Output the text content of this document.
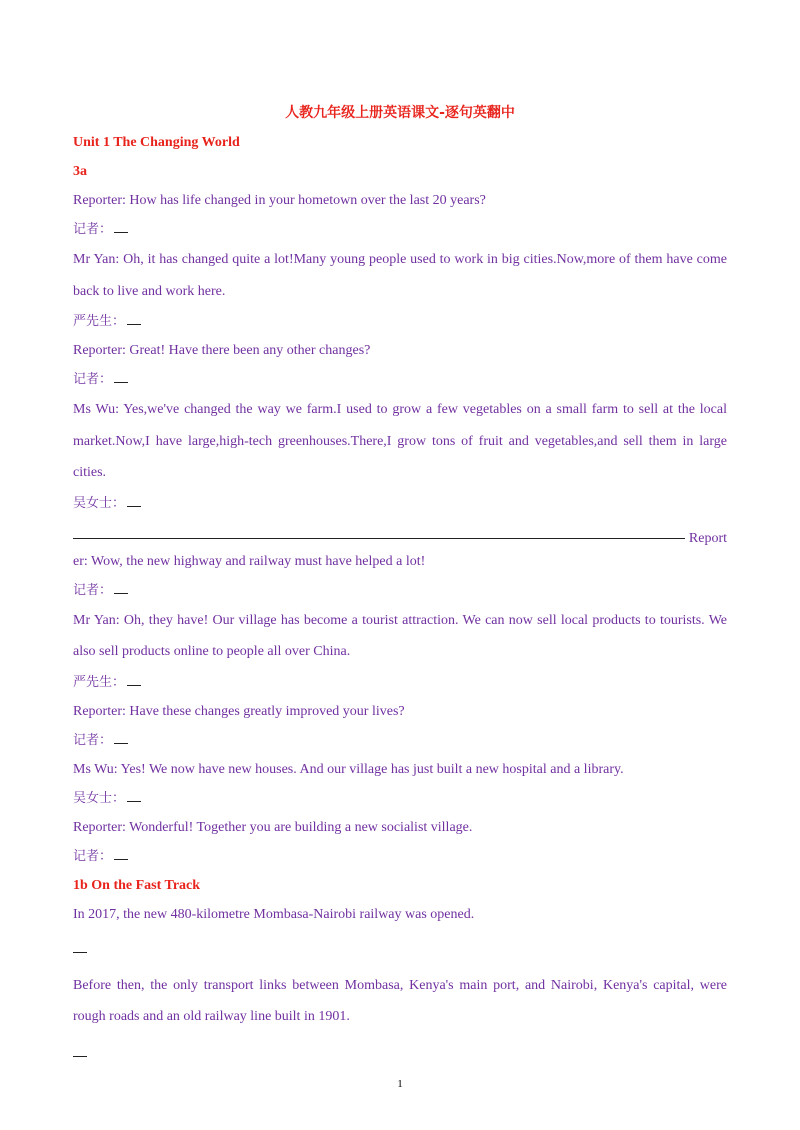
人教九年级上册英语课文-逐句英翻中
Unit 1 The Changing World
3a
Reporter: How has life changed in your hometown over the last 20 years?
记者：
Mr Yan: Oh, it has changed quite a lot!Many young people used to work in big cities.Now,more of them have come back to live and work here.
严先生：
Reporter: Great! Have there been any other changes?
记者：
Ms Wu: Yes,we've changed the way we farm.I used to grow a few vegetables on a small farm to sell at the local market.Now,I have large,high-tech greenhouses.There,I grow tons of fruit and vegetables,and sell them in large cities.
吴女士：
Report
er: Wow, the new highway and railway must have helped a lot!
记者：
Mr Yan: Oh, they have! Our village has become a tourist attraction. We can now sell local products to tourists. We also sell products online to people all over China.
严先生：
Reporter: Have these changes greatly improved your lives?
记者：
Ms Wu: Yes! We now have new houses. And our village has just built a new hospital and a library.
吴女士：
Reporter: Wonderful! Together you are building a new socialist village.
记者：
1b On the Fast Track
In 2017, the new 480-kilometre Mombasa-Nairobi railway was opened.
Before then, the only transport links between Mombasa, Kenya's main port, and Nairobi, Kenya's capital, were rough roads and an old railway line built in 1901.
1
